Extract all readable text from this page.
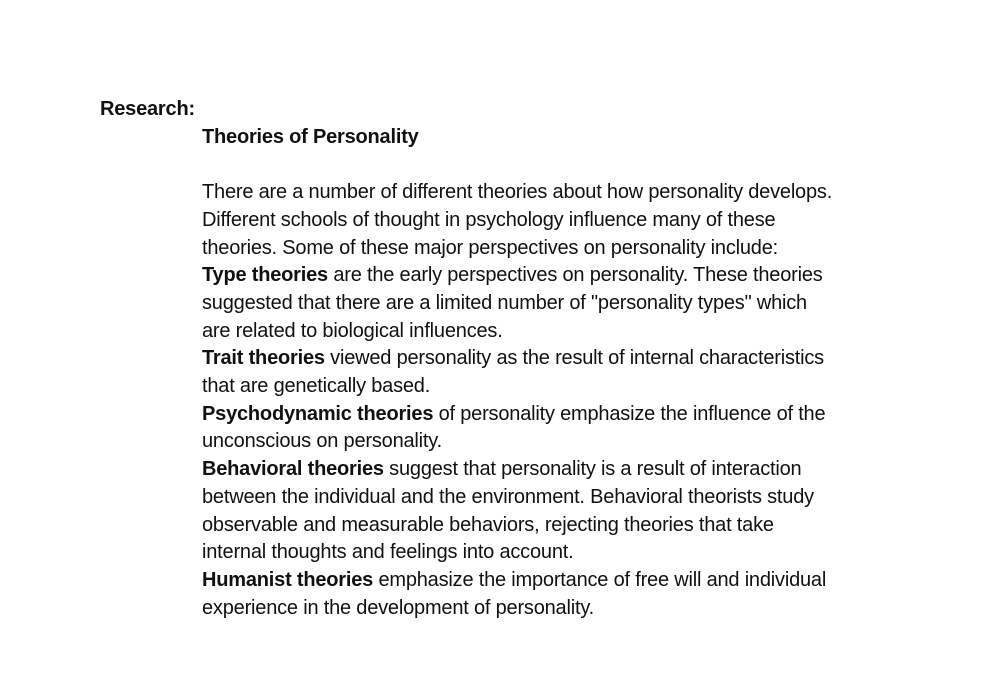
Research:
Theories of Personality
There are a number of different theories about how personality develops.
Different schools of thought in psychology influence many of these
theories. Some of these major perspectives on personality include:
Type theories are the early perspectives on personality. These theories
suggested that there are a limited number of "personality types" which
are related to biological influences.
Trait theories viewed personality as the result of internal characteristics
that are genetically based.
Psychodynamic theories of personality emphasize the influence of the
unconscious on personality.
Behavioral theories suggest that personality is a result of interaction
between the individual and the environment. Behavioral theorists study
observable and measurable behaviors, rejecting theories that take
internal thoughts and feelings into account.
Humanist theories emphasize the importance of free will and individual
experience in the development of personality.
